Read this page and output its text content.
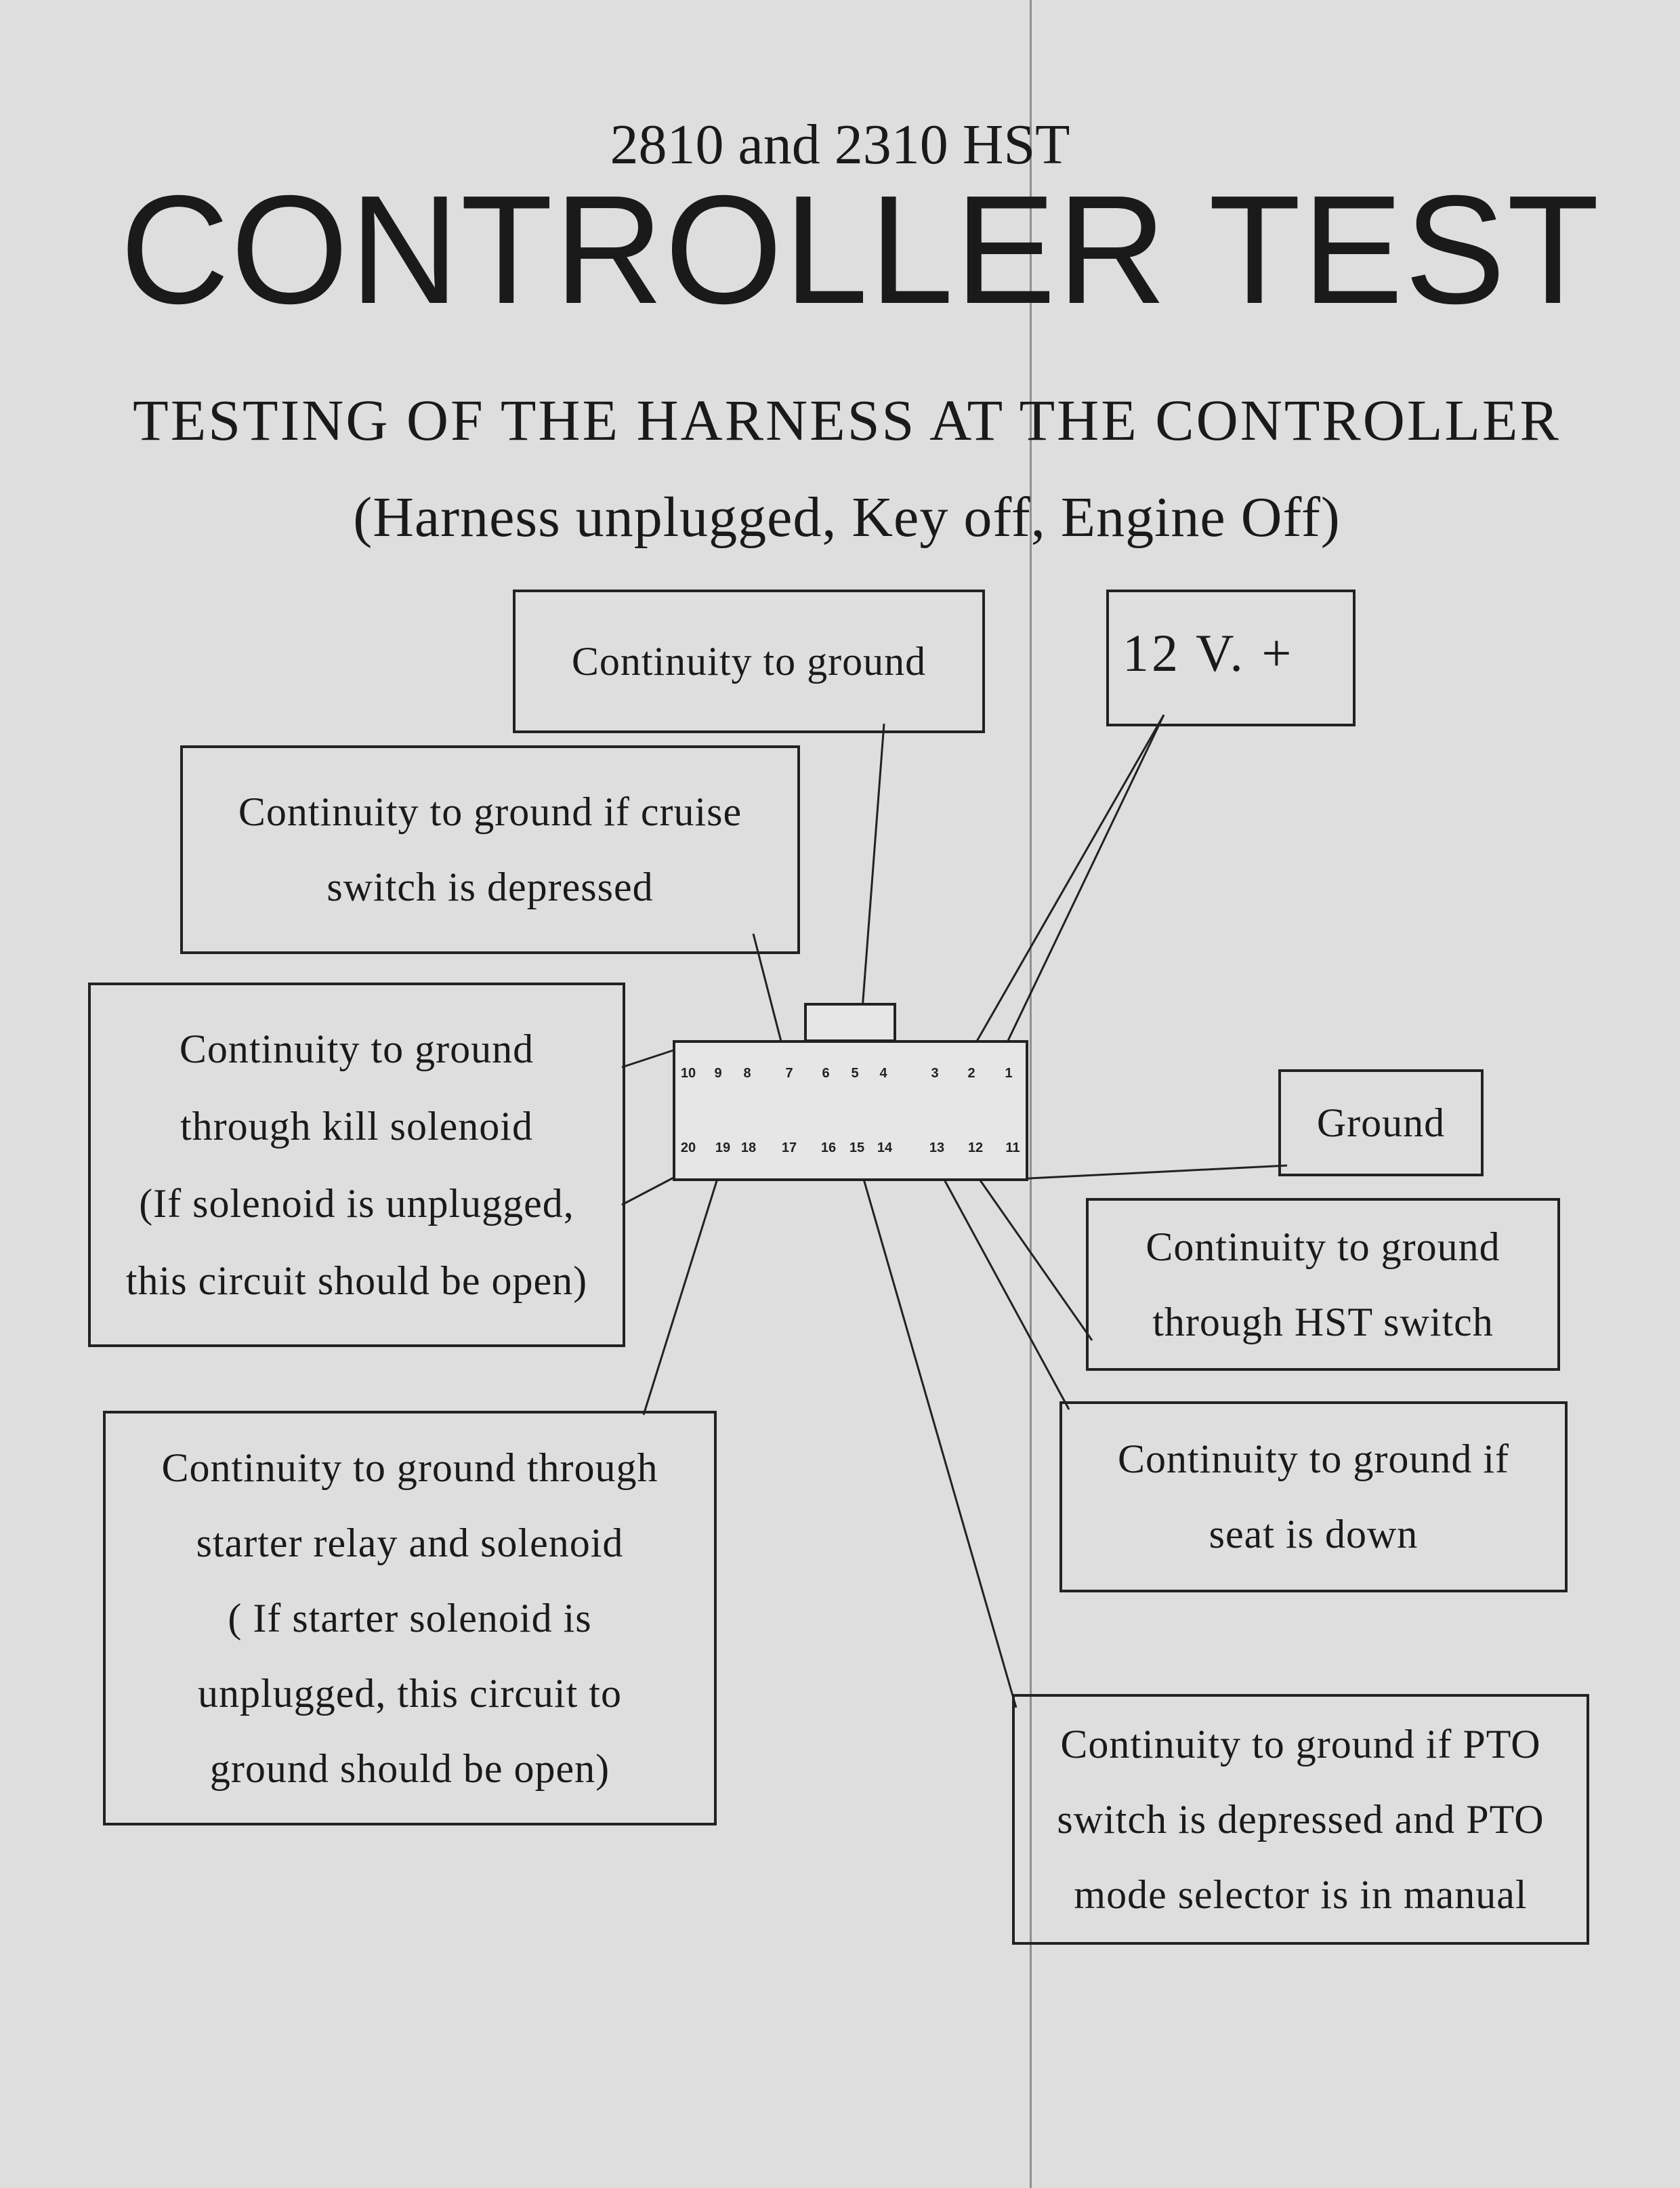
2810 and 2310 HST
CONTROLLER TEST
TESTING OF THE HARNESS AT THE CONTROLLER
(Harness unplugged, Key off, Engine Off)
10 9 8	7 6 5 4	3 2 1
20 19 18 17 16 15 14	13 12 11
Continuity to ground	12 V. +
Continuity to ground if cruise
switch is depressed
Continuity to ground
through kill solenoid
(If solenoid is unplugged,
this circuit should be open)
Ground
Continuity to ground
through HST switch
Continuity to ground through
starter relay and solenoid
( If starter solenoid is
unplugged, this circuit to
ground should be open)
Continuity to ground if
seat is down
Continuity to ground if PTO
switch is depressed and PTO
mode selector is in manual
